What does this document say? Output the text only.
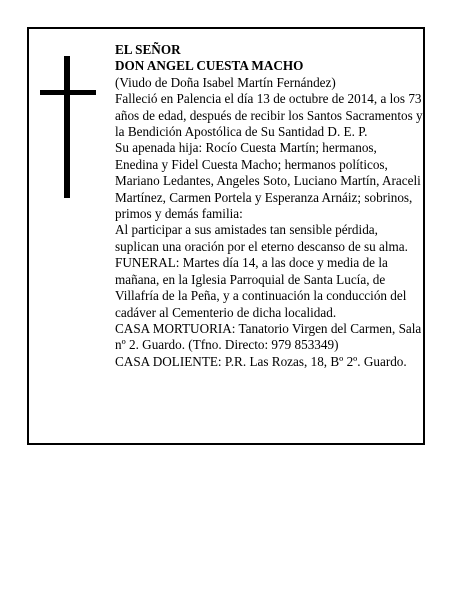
EL SEÑOR

DON ANGEL CUESTA MACHO

(Viudo de Doña Isabel Martín Fernández)

Falleció en Palencia el día 13 de octubre de 2014, a los 73 años de edad, después de recibir los Santos Sacramentos y la Bendición Apostólica de Su Santidad D. E. P.

Su apenada hija: Rocío Cuesta Martín; hermanos, Enedina y Fidel Cuesta Macho; hermanos políticos, Mariano Ledantes, Angeles Soto, Luciano Martín, Araceli Martínez, Carmen Portela y Esperanza Arnáiz; sobrinos, primos y demás familia:

Al participar a sus amistades tan sensible pérdida, suplican una oración por el eterno descanso de su alma.

FUNERAL: Martes día 14, a las doce y media de la mañana, en la Iglesia Parroquial de Santa Lucía, de Villafría de la Peña, y a continuación la conducción del cadáver al Cementerio de dicha localidad.

CASA MORTUORIA: Tanatorio Virgen del Carmen, Sala nº 2. Guardo. (Tfno. Directo: 979 853349)

CASA DOLIENTE: P.R. Las Rozas, 18, Bº 2º. Guardo.
